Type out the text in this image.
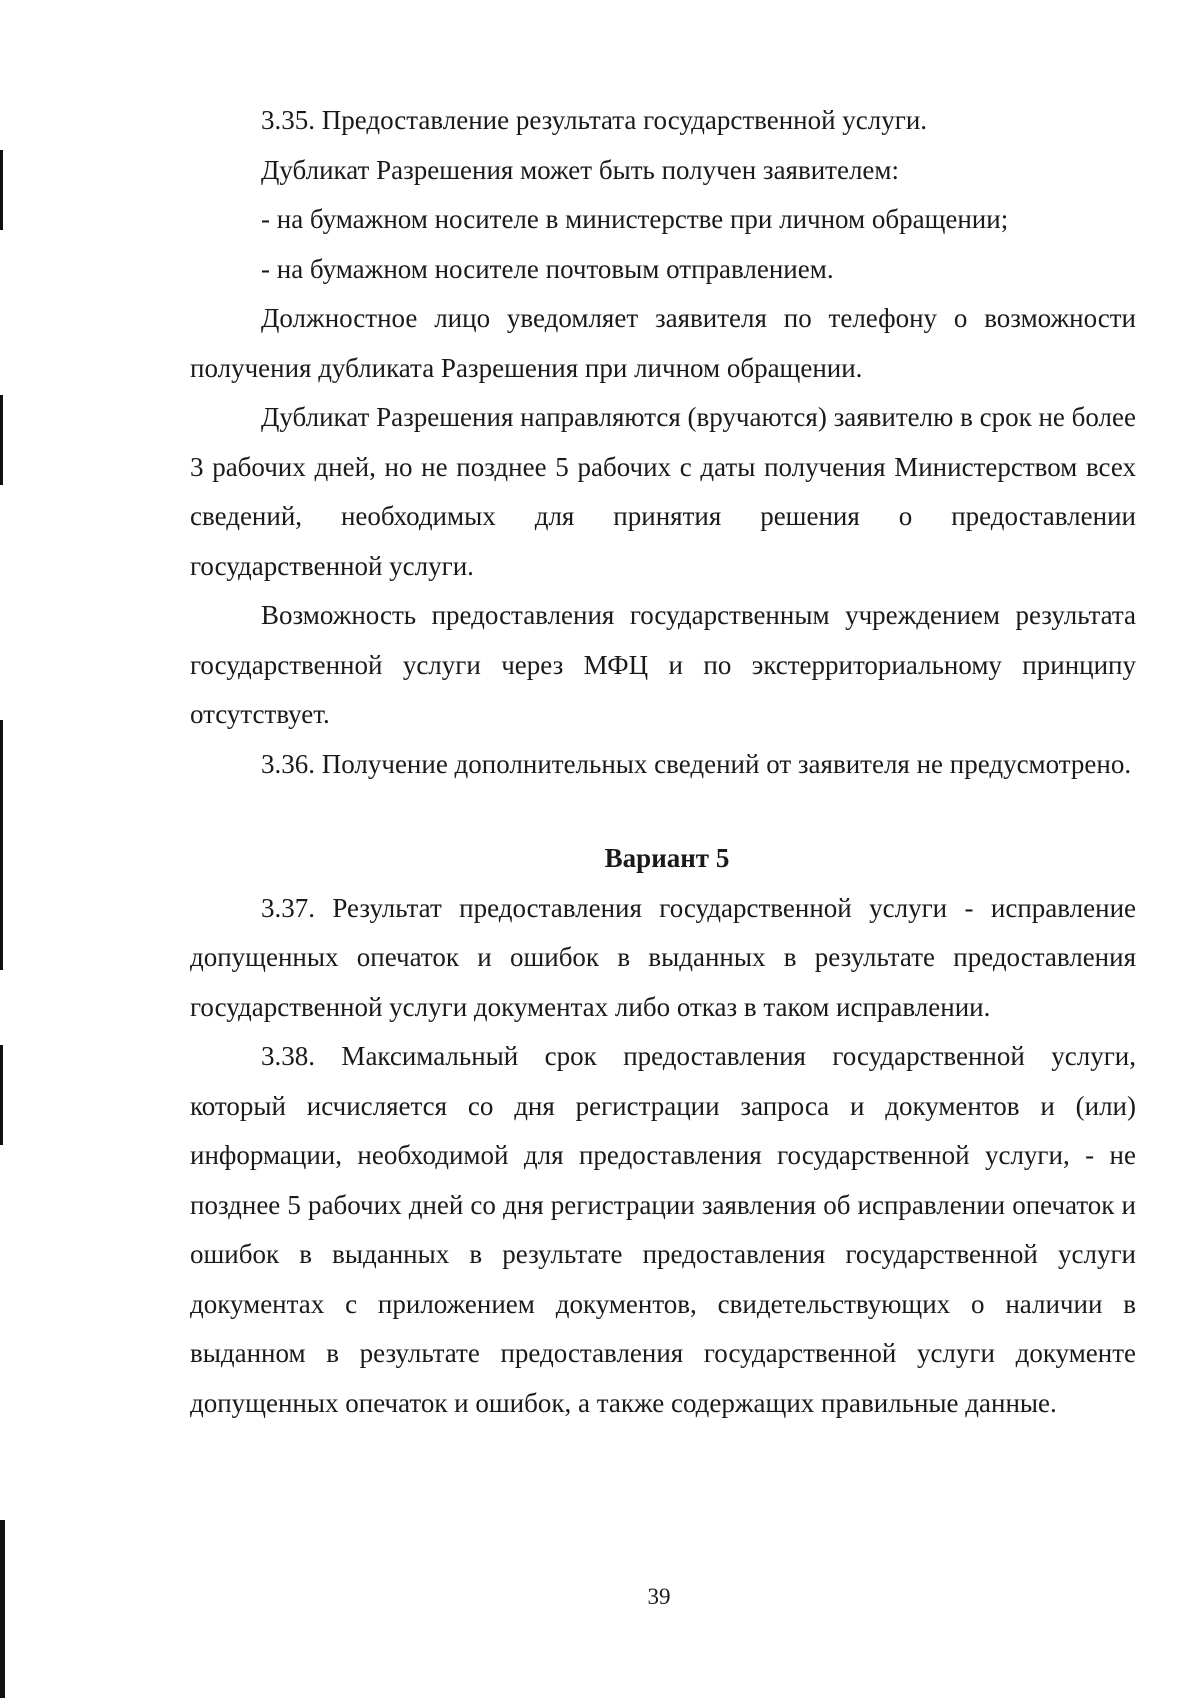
3.35. Предоставление результата государственной услуги.

Дубликат Разрешения может быть получен заявителем:

- на бумажном носителе в министерстве при личном обращении;

- на бумажном носителе почтовым отправлением.

Должностное лицо уведомляет заявителя по телефону о возможности получения дубликата Разрешения при личном обращении.

Дубликат Разрешения направляются (вручаются) заявителю в срок не более 3 рабочих дней, но не позднее 5 рабочих с даты получения Министерством всех сведений, необходимых для принятия решения о предоставлении государственной услуги.

Возможность предоставления государственным учреждением результата государственной услуги через МФЦ и по экстерриториальному принципу отсутствует.

3.36. Получение дополнительных сведений от заявителя не предусмотрено.

Вариант 5

3.37. Результат предоставления государственной услуги - исправление допущенных опечаток и ошибок в выданных в результате предоставления государственной услуги документах либо отказ в таком исправлении.

3.38. Максимальный срок предоставления государственной услуги, который исчисляется со дня регистрации запроса и документов и (или) информации, необходимой для предоставления государственной услуги, - не позднее 5 рабочих дней со дня регистрации заявления об исправлении опечаток и ошибок в выданных в результате предоставления государственной услуги документах с приложением документов, свидетельствующих о наличии в выданном в результате предоставления государственной услуги документе допущенных опечаток и ошибок, а также содержащих правильные данные.

39
